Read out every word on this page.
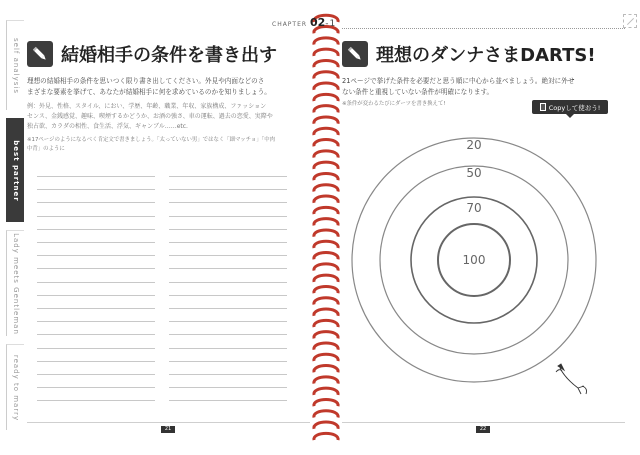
self analysis
best partner
Lady meets Gentleman
ready to marry
結婚相手の条件を書き出す
理想の結婚相手の条件を思いつく限り書き出してください。外見や内面などのさ
まざまな要素を挙げて、あなたが結婚相手に何を求めているのかを知りましょう。
例：外見、性格、スタイル、におい、学歴、年齢、職業、年収、家族構成、ファッション
センス、金銭感覚、趣味、喫煙するかどうか、お酒の強さ、車の運転、過去の恋愛、実際や
独占欲、カラダの相性、食生活、浮気、ギャンブル……etc.
※17ページのようになるべく肯定文で書きましょう。「太っていない男」ではなく「細マッチョ」「中肉
中背」のように
21
CHAPTER 02-1
理想のダンナさまDARTS!
21ページで挙げた条件を必要だと思う順に中心から並べましょう。絶対に外せ
ない条件と重視していない条件が明確になります。
※条件が変わるたびにダーツを書き換えて!	Copyして使おう!
22
20
50
70
100
